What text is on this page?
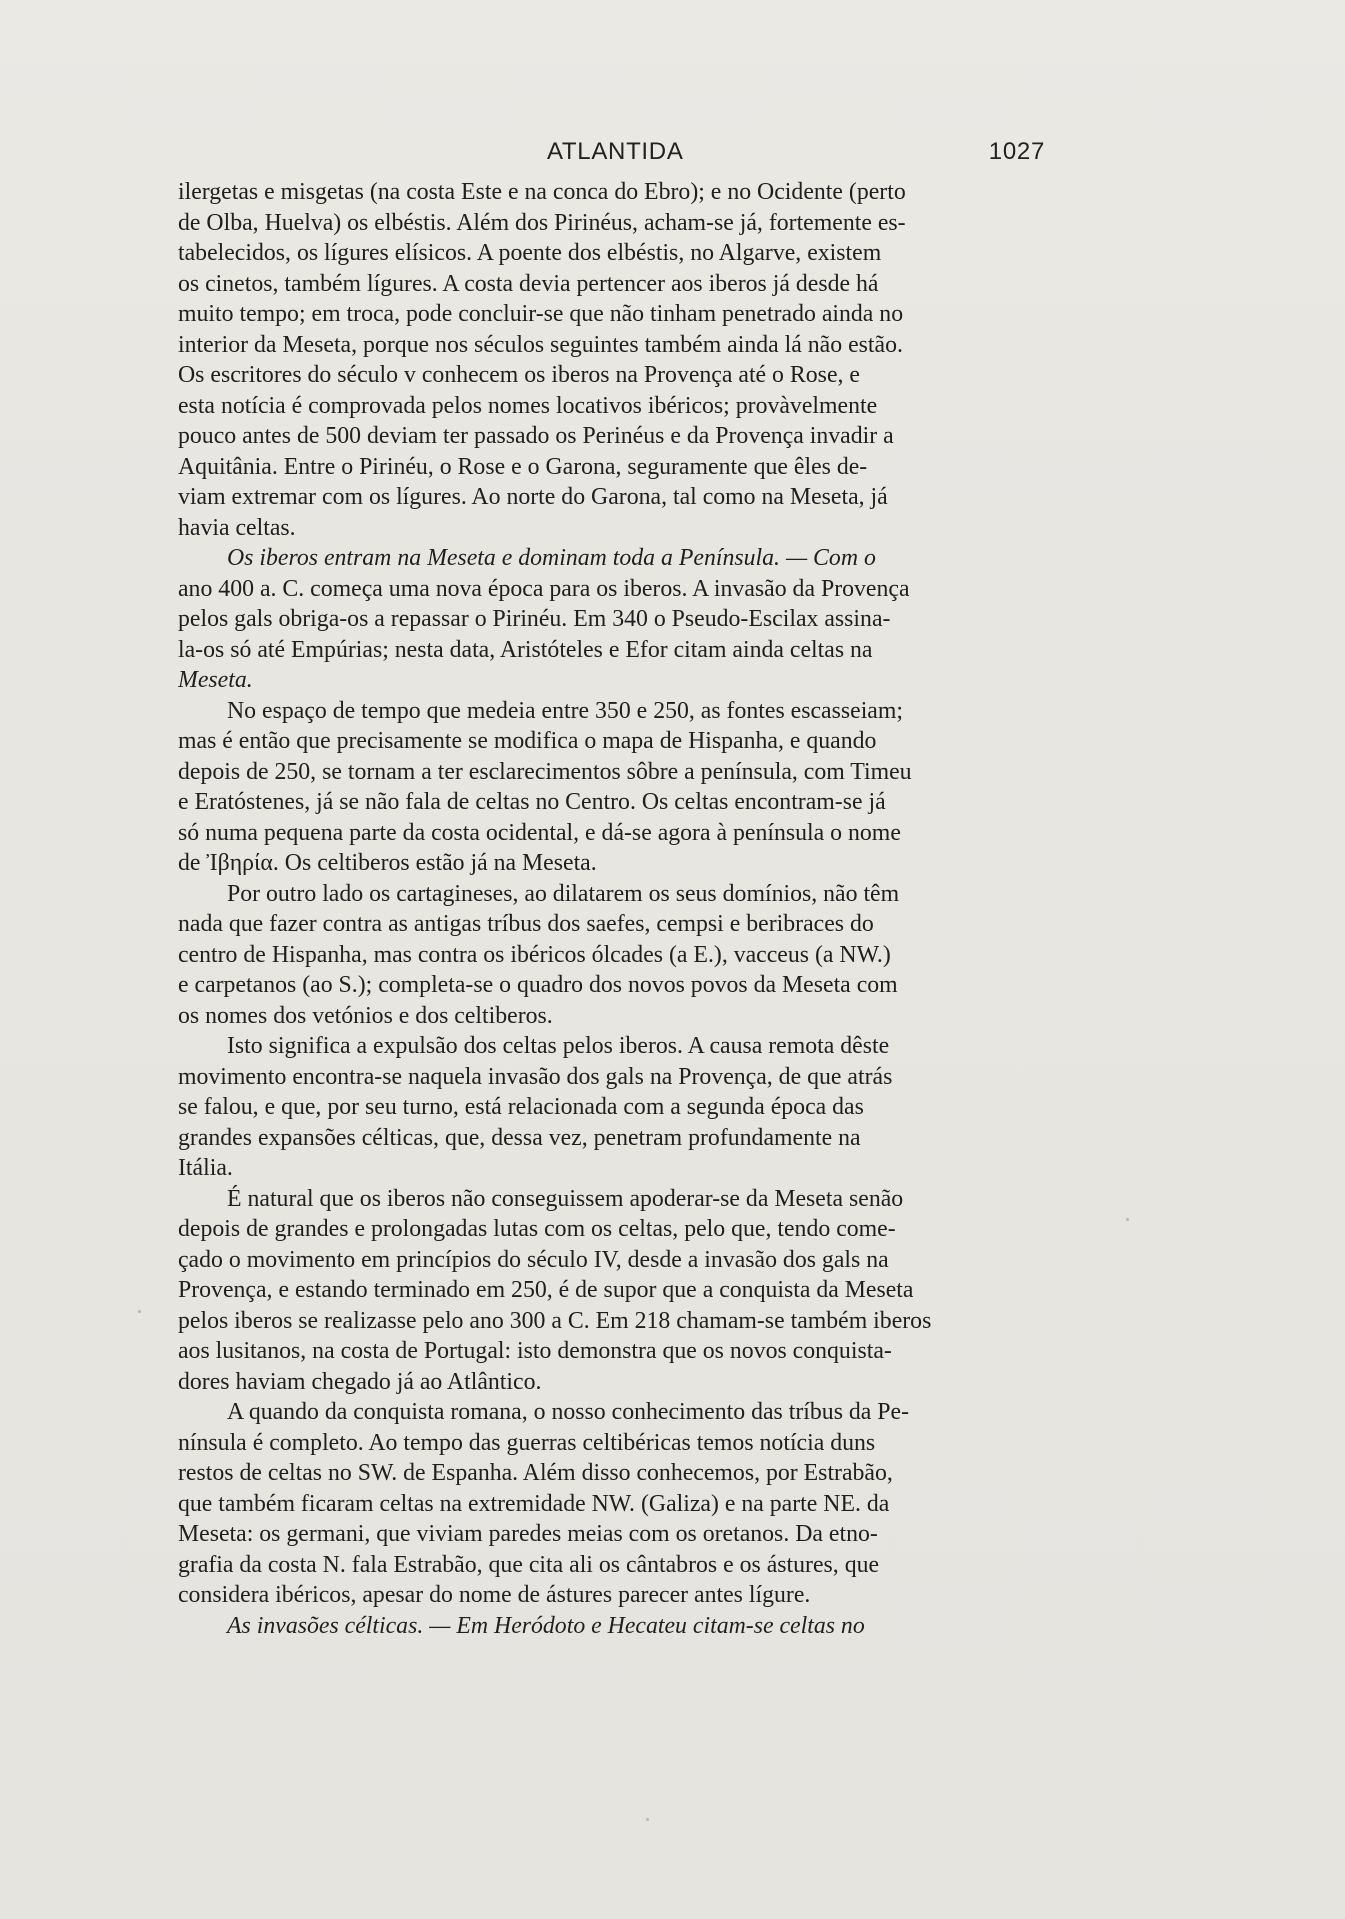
ATLANTIDA	1027
ilergetas e misgetas (na costa Este e na conca do Ebro); e no Ocidente (perto
de Olba, Huelva) os elbéstis. Além dos Pirinéus, acham-se já, fortemente es-
tabelecidos, os lígures elísicos. A poente dos elbéstis, no Algarve, existem
os cinetos, também lígures. A costa devia pertencer aos iberos já desde há
muito tempo; em troca, pode concluir-se que não tinham penetrado ainda no
interior da Meseta, porque nos séculos seguintes também ainda lá não estão.
Os escritores do século v conhecem os iberos na Provença até o Rose, e
esta notícia é comprovada pelos nomes locativos ibéricos; provàvelmente
pouco antes de 500 deviam ter passado os Perinéus e da Provença invadir a
Aquitânia. Entre o Pirinéu, o Rose e o Garona, seguramente que êles de-
viam extremar com os lígures. Ao norte do Garona, tal como na Meseta, já
havia celtas.
Os iberos entram na Meseta e dominam toda a Península. — Com o
ano 400 a. C. começa uma nova época para os iberos. A invasão da Provença
pelos gals obriga-os a repassar o Pirinéu. Em 340 o Pseudo-Escilax assina-
la-os só até Empúrias; nesta data, Aristóteles e Efor citam ainda celtas na
Meseta.
No espaço de tempo que medeia entre 350 e 250, as fontes escasseiam;
mas é então que precisamente se modifica o mapa de Hispanha, e quando
depois de 250, se tornam a ter esclarecimentos sôbre a península, com Timeu
e Eratóstenes, já se não fala de celtas no Centro. Os celtas encontram-se já
só numa pequena parte da costa ocidental, e dá-se agora à península o nome
de Ἰβηρία. Os celtiberos estão já na Meseta.
Por outro lado os cartagineses, ao dilatarem os seus domínios, não têm
nada que fazer contra as antigas tríbus dos saefes, cempsi e beribraces do
centro de Hispanha, mas contra os ibéricos ólcades (a E.), vacceus (a NW.)
e carpetanos (ao S.); completa-se o quadro dos novos povos da Meseta com
os nomes dos vetónios e dos celtiberos.
Isto significa a expulsão dos celtas pelos iberos. A causa remota dêste
movimento encontra-se naquela invasão dos gals na Provença, de que atrás
se falou, e que, por seu turno, está relacionada com a segunda época das
grandes expansões célticas, que, dessa vez, penetram profundamente na
Itália.
É natural que os iberos não conseguissem apoderar-se da Meseta senão
depois de grandes e prolongadas lutas com os celtas, pelo que, tendo come-
çado o movimento em princípios do século IV, desde a invasão dos gals na
Provença, e estando terminado em 250, é de supor que a conquista da Meseta
pelos iberos se realizasse pelo ano 300 a C. Em 218 chamam-se também iberos
aos lusitanos, na costa de Portugal: isto demonstra que os novos conquista-
dores haviam chegado já ao Atlântico.
A quando da conquista romana, o nosso conhecimento das tríbus da Pe-
nínsula é completo. Ao tempo das guerras celtibéricas temos notícia duns
restos de celtas no SW. de Espanha. Além disso conhecemos, por Estrabão,
que também ficaram celtas na extremidade NW. (Galiza) e na parte NE. da
Meseta: os germani, que viviam paredes meias com os oretanos. Da etno-
grafia da costa N. fala Estrabão, que cita ali os cântabros e os ástures, que
considera ibéricos, apesar do nome de ástures parecer antes lígure.
As invasões célticas. — Em Heródoto e Hecateu citam-se celtas no
